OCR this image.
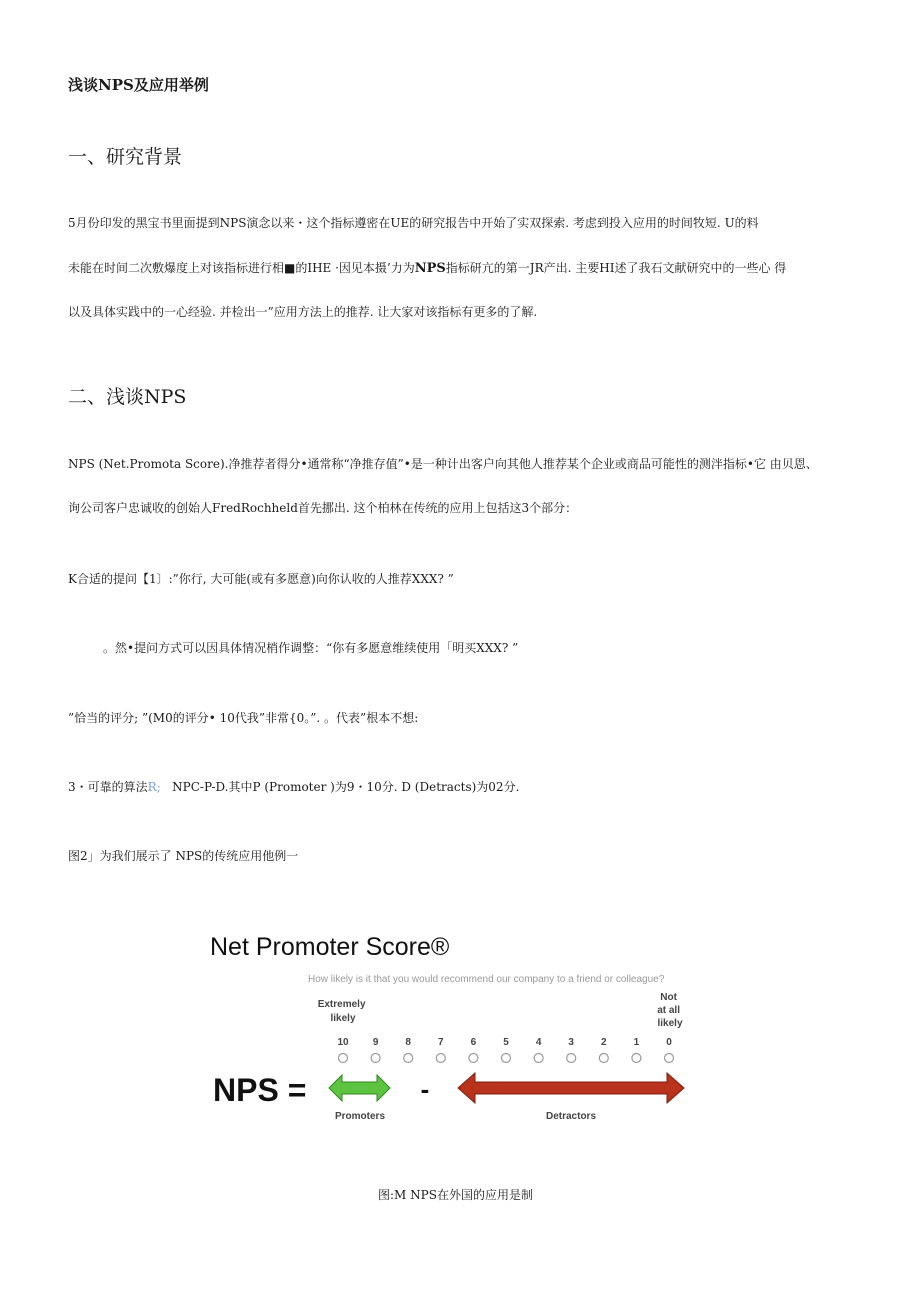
浅谈NPS及应用举例
一、研究背景
5月份印发的黑宝书里面提到NPS演念以来・这个指标遵密在UE的研究报告中开始了实双探索. 考虑到投入应用的时间牧短. U的料
未能在时间二次敷爆度上对该指标进行相■的IHE ·因见本摄’力为NPS指标研亢的第一JR产出. 主要HI述了我石文献研究中的一些心 得
以及具体实践中的一心经验. 并检出一”应用方法上的推荐. 让大家对该指标有更多的了解.
二、浅谈NPS
NPS (Net.Promota Score).净推荐者得分•通常称“净推存值”•是一种计出客户向其他人推荐某个企业或商品可能性的测泮指标•它 由贝恩、
询公司客户忠诚收的创始人FredRochheld首先挪出. 这个柏林在传统的应用上包括这3个部分：
K合适的提问【1〕:”你行, 大可能(或有多愿意)向你认收的人推荐XXX? ”
。然•提问方式可以因具体情况梢作调整：“你有多愿意维续使用「明买XXX? ”
”恰当的评分; ”(M0的评分• 10代我”非常{0。”. 。代表”根本不想:
3・可靠的算法R; NPC-P-D.其中P (Promoter )为9・10分. D (Detracts)为02分.
图2」为我们展示了 NPS的传统应用他例一
Net Promoter Score®
How likely is it that you would recommend our company to a friend or colleague?
Extremely likely
Not at all likely
10 9	8	7	6	5	4	3	2	1	0
NPS =
Promoters
-
Detractors
图:M NPS在外国的应用是制
